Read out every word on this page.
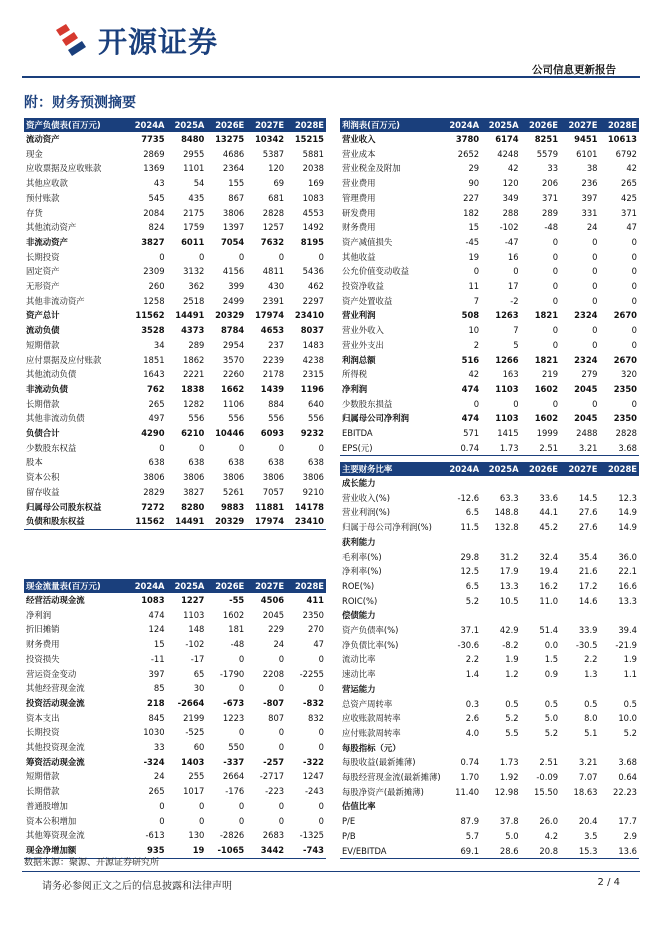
开源证券
公司信息更新报告
附：财务预测摘要
资产负债表(百万元)	2024A	2025A	2026E	2027E	2028E
流动资产	7735	8480	13275	10342	15215
现金	2869	2955	4686	5387	5881
应收票据及应收账款	1369	1101	2364	120	2038
其他应收款	43	54	155	69	169
预付账款	545	435	867	681	1083
存货	2084	2175	3806	2828	4553
其他流动资产	824	1759	1397	1257	1492
非流动资产	3827	6011	7054	7632	8195
长期投资	0	0	0	0	0
固定资产	2309	3132	4156	4811	5436
无形资产	260	362	399	430	462
其他非流动资产	1258	2518	2499	2391	2297
资产总计	11562	14491	20329	17974	23410
流动负债	3528	4373	8784	4653	8037
短期借款	34	289	2954	237	1483
应付票据及应付账款	1851	1862	3570	2239	4238
其他流动负债	1643	2221	2260	2178	2315
非流动负债	762	1838	1662	1439	1196
长期借款	265	1282	1106	884	640
其他非流动负债	497	556	556	556	556
负债合计	4290	6210	10446	6093	9232
少数股东权益	0	0	0	0	0
股本	638	638	638	638	638
资本公积	3806	3806	3806	3806	3806
留存收益	2829	3827	5261	7057	9210
归属母公司股东权益	7272	8280	9883	11881	14178
负债和股东权益	11562	14491	20329	17974	23410
利润表(百万元)	2024A	2025A	2026E	2027E	2028E
营业收入	3780	6174	8251	9451	10613
营业成本	2652	4248	5579	6101	6792
营业税金及附加	29	42	33	38	42
营业费用	90	120	206	236	265
管理费用	227	349	371	397	425
研发费用	182	288	289	331	371
财务费用	15	-102	-48	24	47
资产减值损失	-45	-47	0	0	0
其他收益	19	16	0	0	0
公允价值变动收益	0	0	0	0	0
投资净收益	11	17	0	0	0
资产处置收益	7	-2	0	0	0
营业利润	508	1263	1821	2324	2670
营业外收入	10	7	0	0	0
营业外支出	2	5	0	0	0
利润总额	516	1266	1821	2324	2670
所得税	42	163	219	279	320
净利润	474	1103	1602	2045	2350
少数股东损益	0	0	0	0	0
归属母公司净利润	474	1103	1602	2045	2350
EBITDA	571	1415	1999	2488	2828
EPS(元)	0.74	1.73	2.51	3.21	3.68
现金流量表(百万元)	2024A	2025A	2026E	2027E	2028E
经营活动现金流	1083	1227	-55	4506	411
净利润	474	1103	1602	2045	2350
折旧摊销	124	148	181	229	270
财务费用	15	-102	-48	24	47
投资损失	-11	-17	0	0	0
营运资金变动	397	65	-1790	2208	-2255
其他经营现金流	85	30	0	0	0
投资活动现金流	218	-2664	-673	-807	-832
资本支出	845	2199	1223	807	832
长期投资	1030	-525	0	0	0
其他投资现金流	33	60	550	0	0
筹资活动现金流	-324	1403	-337	-257	-322
短期借款	24	255	2664	-2717	1247
长期借款	265	1017	-176	-223	-243
普通股增加	0	0	0	0	0
资本公积增加	0	0	0	0	0
其他筹资现金流	-613	130	-2826	2683	-1325
现金净增加额	935	19	-1065	3442	-743
主要财务比率	2024A	2025A	2026E	2027E	2028E
成长能力					
营业收入(%)	-12.6	63.3	33.6	14.5	12.3
营业利润(%)	6.5	148.8	44.1	27.6	14.9
归属于母公司净利润(%)	11.5	132.8	45.2	27.6	14.9
获利能力					
毛利率(%)	29.8	31.2	32.4	35.4	36.0
净利率(%)	12.5	17.9	19.4	21.6	22.1
ROE(%)	6.5	13.3	16.2	17.2	16.6
ROIC(%)	5.2	10.5	11.0	14.6	13.3
偿债能力					
资产负债率(%)	37.1	42.9	51.4	33.9	39.4
净负债比率(%)	-30.6	-8.2	0.0	-30.5	-21.9
流动比率	2.2	1.9	1.5	2.2	1.9
速动比率	1.4	1.2	0.9	1.3	1.1
营运能力					
总资产周转率	0.3	0.5	0.5	0.5	0.5
应收账款周转率	2.6	5.2	5.0	8.0	10.0
应付账款周转率	4.0	5.5	5.2	5.1	5.2
每股指标（元）					
每股收益(最新摊薄)	0.74	1.73	2.51	3.21	3.68
每股经营现金流(最新摊薄)	1.70	1.92	-0.09	7.07	0.64
每股净资产(最新摊薄)	11.40	12.98	15.50	18.63	22.23
估值比率					
P/E	87.9	37.8	26.0	20.4	17.7
P/B	5.7	5.0	4.2	3.5	2.9
EV/EBITDA	69.1	28.6	20.8	15.3	13.6
数据来源：聚源、开源证券研究所
请务必参阅正文之后的信息披露和法律声明	2 / 4
